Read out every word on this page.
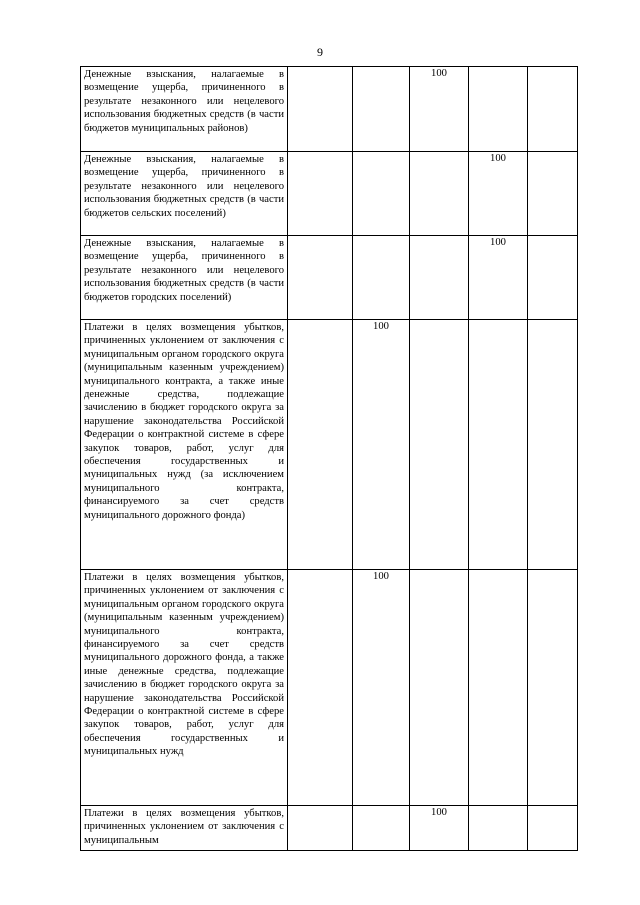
9
Денежные взыскания, налагаемые в возмещение ущерба, причиненного в результате незаконного или нецелевого использования бюджетных средств (в части бюджетов муниципальных районов)			100		
Денежные взыскания, налагаемые в возмещение ущерба, причиненного в результате незаконного или нецелевого использования бюджетных средств (в части бюджетов сельских поселений)				100	
Денежные взыскания, налагаемые в возмещение ущерба, причиненного в результате незаконного или нецелевого использования бюджетных средств (в части бюджетов городских поселений)				100	
Платежи в целях возмещения убытков, причиненных уклонением от заключения с муниципальным органом городского округа (муниципальным казенным учреждением) муниципального контракта, а также иные денежные средства, подлежащие зачислению в бюджет городского округа за нарушение законодательства Российской Федерации о контрактной системе в сфере закупок товаров, работ, услуг для обеспечения государственных и муниципальных нужд (за исключением муниципального контракта, финансируемого за счет средств муниципального дорожного фонда)		100			
Платежи в целях возмещения убытков, причиненных уклонением от заключения с муниципальным органом городского округа (муниципальным казенным учреждением) муниципального контракта, финансируемого за счет средств муниципального дорожного фонда, а также иные денежные средства, подлежащие зачислению в бюджет городского округа за нарушение законодательства Российской Федерации о контрактной системе в сфере закупок товаров, работ, услуг для обеспечения государственных и муниципальных нужд		100			
Платежи в целях возмещения убытков, причиненных уклонением от заключения с муниципальным			100		
